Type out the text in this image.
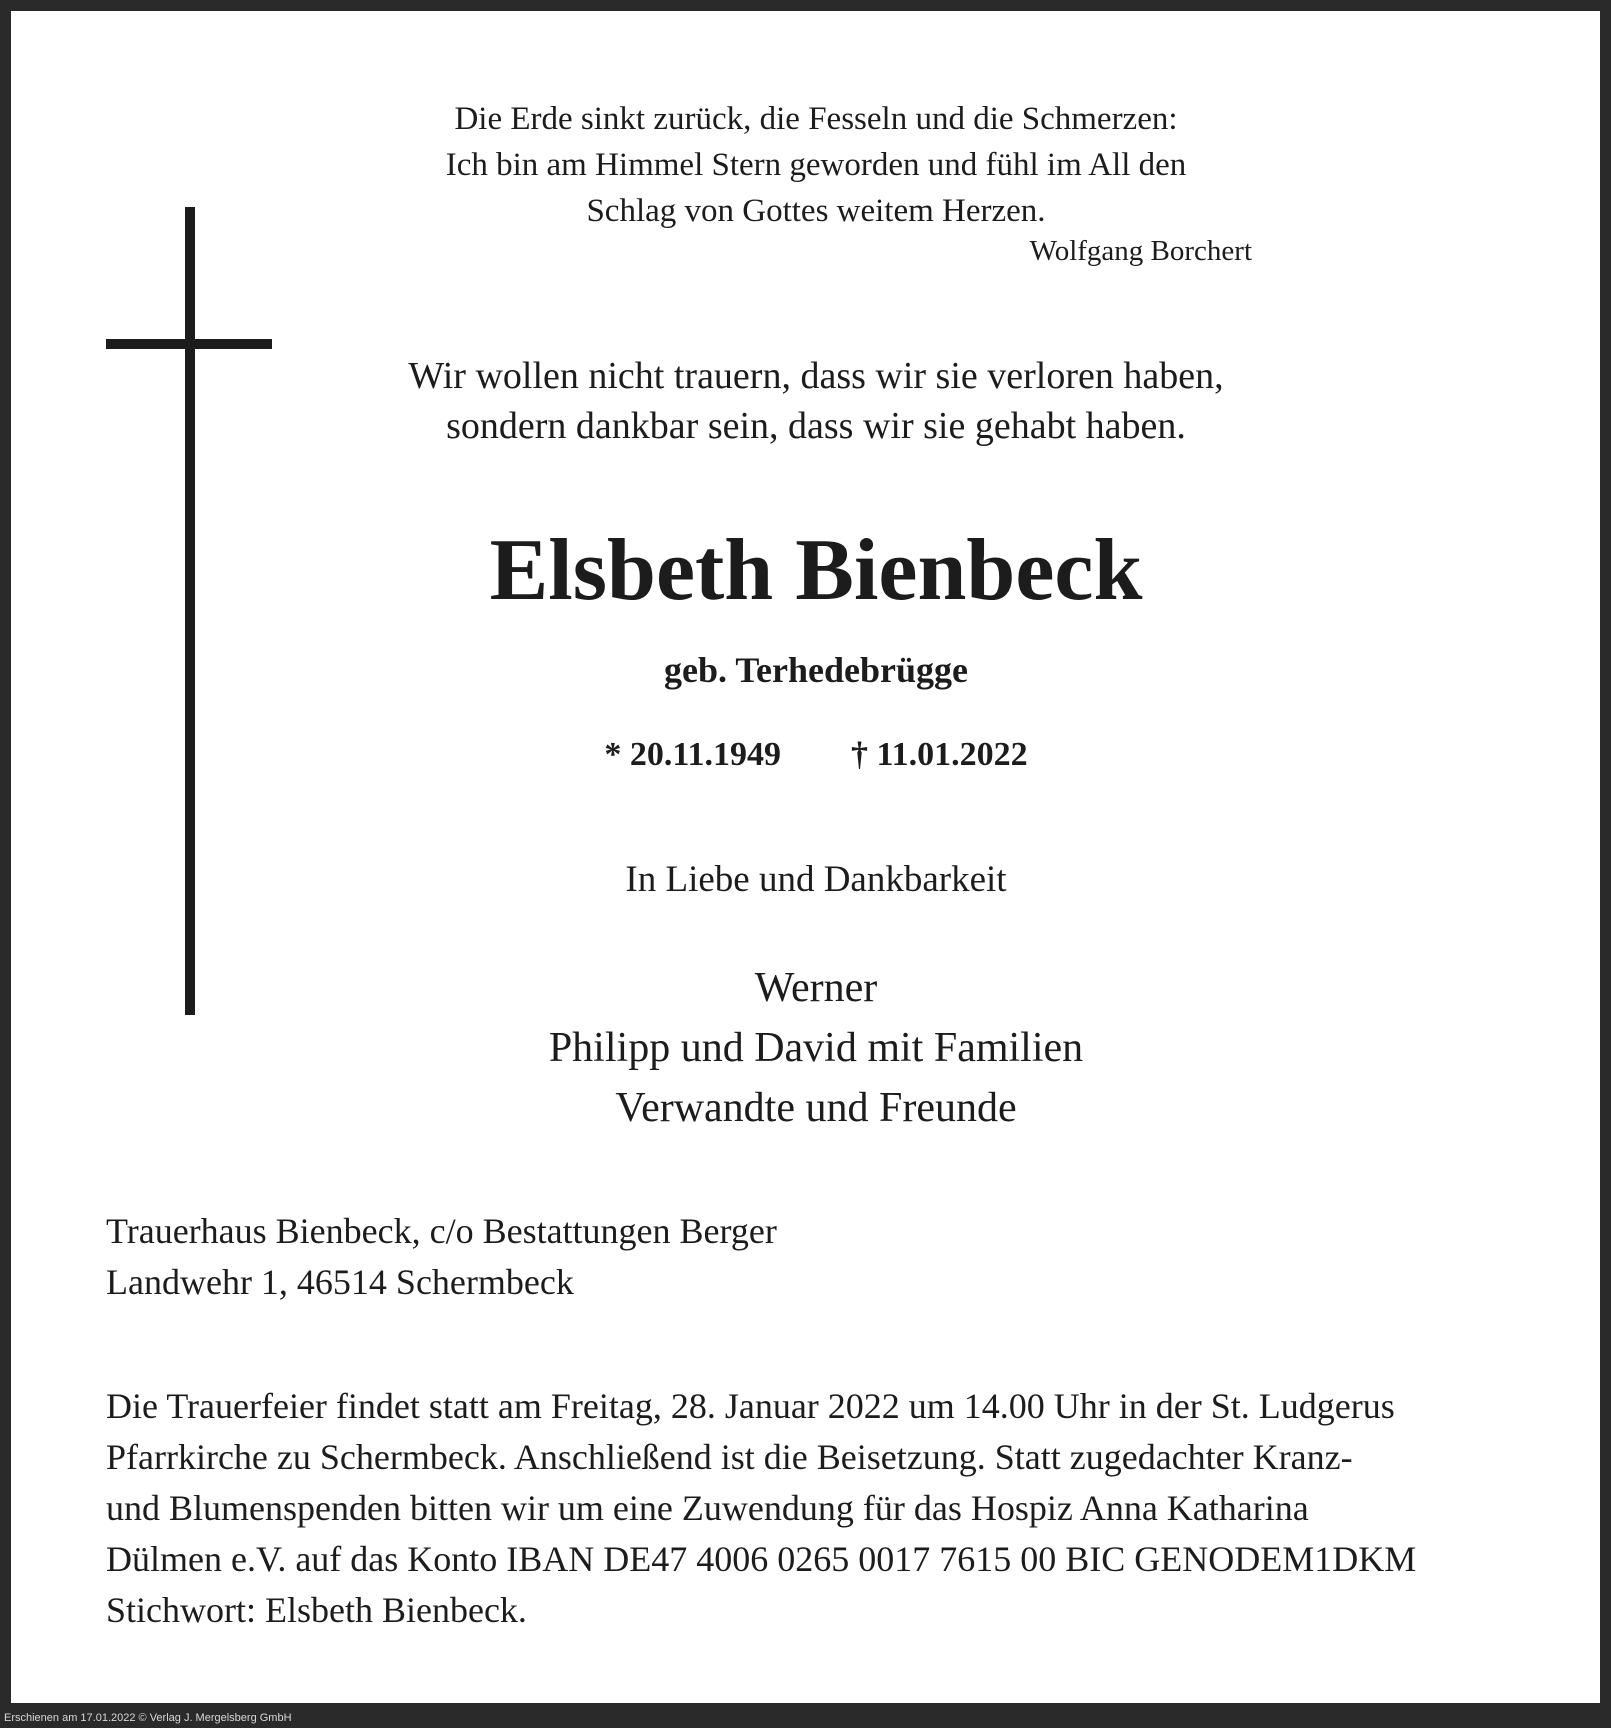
Die Erde sinkt zurück, die Fesseln und die Schmerzen:
Ich bin am Himmel Stern geworden und fühl im All den
Schlag von Gottes weitem Herzen.
Wolfgang Borchert
Wir wollen nicht trauern, dass wir sie verloren haben,
sondern dankbar sein, dass wir sie gehabt haben.
Elsbeth Bienbeck
geb. Terhedebrügge
* 20.11.1949 † 11.01.2022
In Liebe und Dankbarkeit
Werner
Philipp und David mit Familien
Verwandte und Freunde
Trauerhaus Bienbeck, c/o Bestattungen Berger
Landwehr 1, 46514 Schermbeck
Die Trauerfeier findet statt am Freitag, 28. Januar 2022 um 14.00 Uhr in der St. Ludgerus
Pfarrkirche zu Schermbeck. Anschließend ist die Beisetzung. Statt zugedachter Kranz-
und Blumenspenden bitten wir um eine Zuwendung für das Hospiz Anna Katharina
Dülmen e.V. auf das Konto IBAN DE47 4006 0265 0017 7615 00 BIC GENODEM1DKM
Stichwort: Elsbeth Bienbeck.
Erschienen am 17.01.2022 © Verlag J. Mergelsberg GmbH
